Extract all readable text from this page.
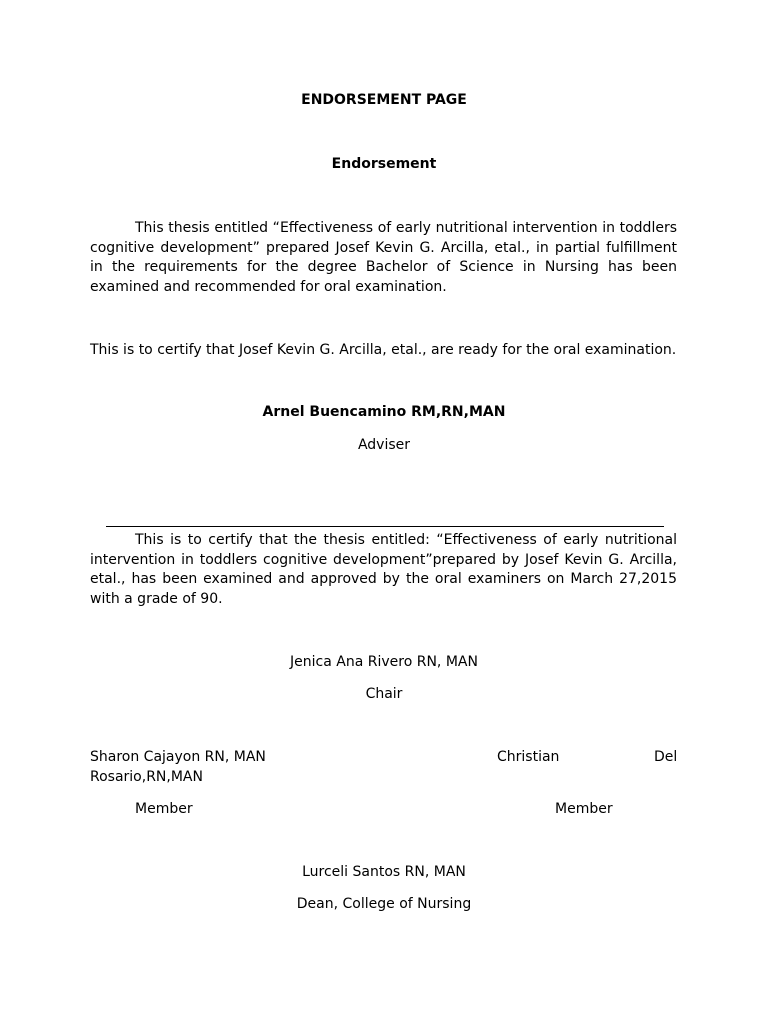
ENDORSEMENT PAGE
Endorsement
This thesis entitled “Effectiveness of early nutritional intervention in toddlers cognitive development” prepared Josef Kevin G. Arcilla, etal., in partial fulfillment in the requirements for the degree Bachelor of Science in Nursing has been examined and recommended for oral examination.
This is to certify that Josef Kevin G. Arcilla, etal., are ready for the oral examination.
Arnel Buencamino RM,RN,MAN
Adviser
This is to certify that the thesis entitled: “Effectiveness of early nutritional intervention in toddlers cognitive development”prepared by Josef Kevin G. Arcilla, etal., has been examined and approved by the oral examiners on March 27,2015 with a grade of 90.
Jenica Ana Rivero RN, MAN
Chair
Sharon Cajayon RN, MAN	Christian	Del
Rosario,RN,MAN
Member	Member
Lurceli Santos RN, MAN
Dean, College of Nursing
